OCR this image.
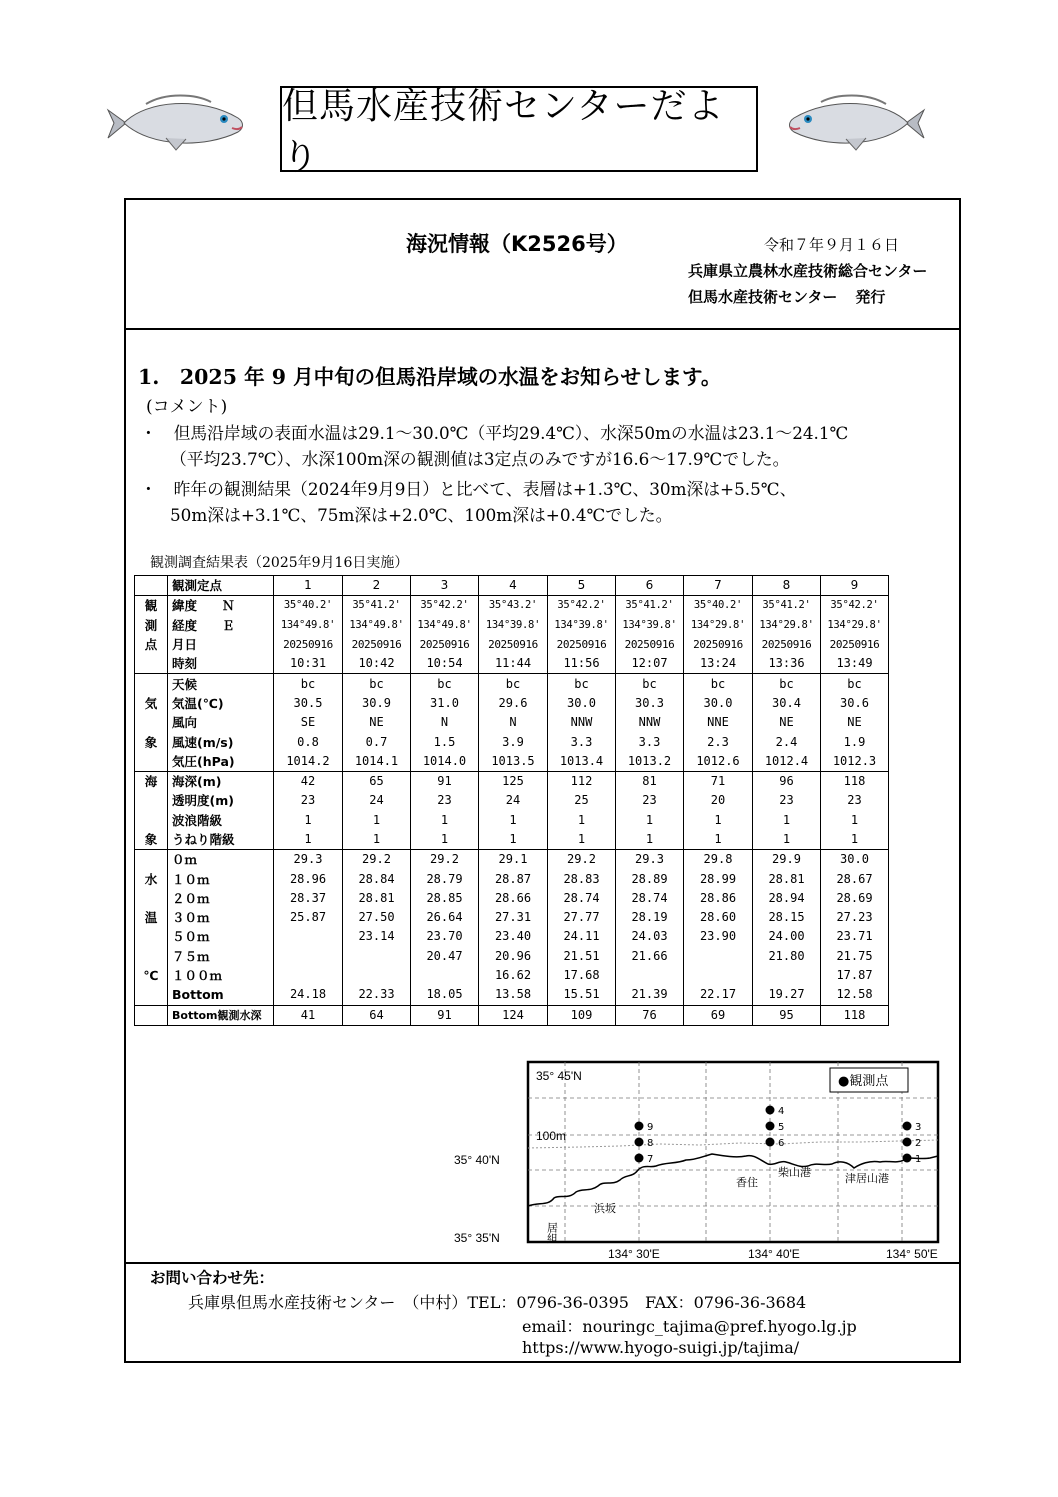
但馬水産技術センターだより
海況情報（K2526号）	令和７年９月１６日
兵庫県立農林水産技術総合センター
但馬水産技術センター 発行
1.　2025 年 9 月中旬の但馬沿岸域の水温をお知らせします。
(コメント)
・　但馬沿岸域の表面水温は29.1～30.0℃（平均29.4℃）、水深50mの水温は23.1～24.1℃
（平均23.7℃）、水深100m深の観測値は3定点のみですが16.6～17.9℃でした。
・　昨年の観測結果（2024年9月9日）と比べて、表層は+1.3℃、30m深は+5.5℃、
50m深は+3.1℃、75m深は+2.0℃、100m深は+0.4℃でした。
観測調査結果表（2025年9月16日実施）
	観測定点	1	2	3	4	5	6	7	8	9
観	緯度　　Ｎ	35°40.2'	35°41.2'	35°42.2'	35°43.2'	35°42.2'	35°41.2'	35°40.2'	35°41.2'	35°42.2'
測	経度　　Ｅ	134°49.8'	134°49.8'	134°49.8'	134°39.8'	134°39.8'	134°39.8'	134°29.8'	134°29.8'	134°29.8'
点	月日	20250916	20250916	20250916	20250916	20250916	20250916	20250916	20250916	20250916
	時刻	10:31	10:42	10:54	11:44	11:56	12:07	13:24	13:36	13:49
	天候	bc	bc	bc	bc	bc	bc	bc	bc	bc
気	気温(℃)	30.5	30.9	31.0	29.6	30.0	30.3	30.0	30.4	30.6
	風向	SE	NE	N	N	NNW	NNW	NNE	NE	NE
象	風速(m/s)	0.8	0.7	1.5	3.9	3.3	3.3	2.3	2.4	1.9
	気圧(hPa)	1014.2	1014.1	1014.0	1013.5	1013.4	1013.2	1012.6	1012.4	1012.3
海	海深(m)	42	65	91	125	112	81	71	96	118
	透明度(m)	23	24	23	24	25	23	20	23	23
	波浪階級	1	1	1	1	1	1	1	1	1
象	うねり階級	1	1	1	1	1	1	1	1	1
	０ｍ	29.3	29.2	29.2	29.1	29.2	29.3	29.8	29.9	30.0
水	１０ｍ	28.96	28.84	28.79	28.87	28.83	28.89	28.99	28.81	28.67
	２０ｍ	28.37	28.81	28.85	28.66	28.74	28.74	28.86	28.94	28.69
温	３０ｍ	25.87	27.50	26.64	27.31	27.77	28.19	28.60	28.15	27.23
	５０ｍ		23.14	23.70	23.40	24.11	24.03	23.90	24.00	23.71
	７５ｍ			20.47	20.96	21.51	21.66		21.80	21.75
℃	１００ｍ				16.62	17.68				17.87
	Bottom	24.18	22.33	18.05	13.58	15.51	21.39	22.17	19.27	12.58
	Bottom観測水深	41	64	91	124	109	76	69	95	118
35° 45'N
100m
1
2
3
4
5
6
7
8
9
●観測点
津居山港
柴山港
香住
浜坂
居組
35° 40'N
35° 35'N
134° 30'E	134° 40'E	134° 50'E
お問い合わせ先：
兵庫県但馬水産技術センター　（中村）TEL：0796-36-0395　FAX：0796-36-3684
email：nouringc_tajima@pref.hyogo.lg.jp
https://www.hyogo-suigi.jp/tajima/
